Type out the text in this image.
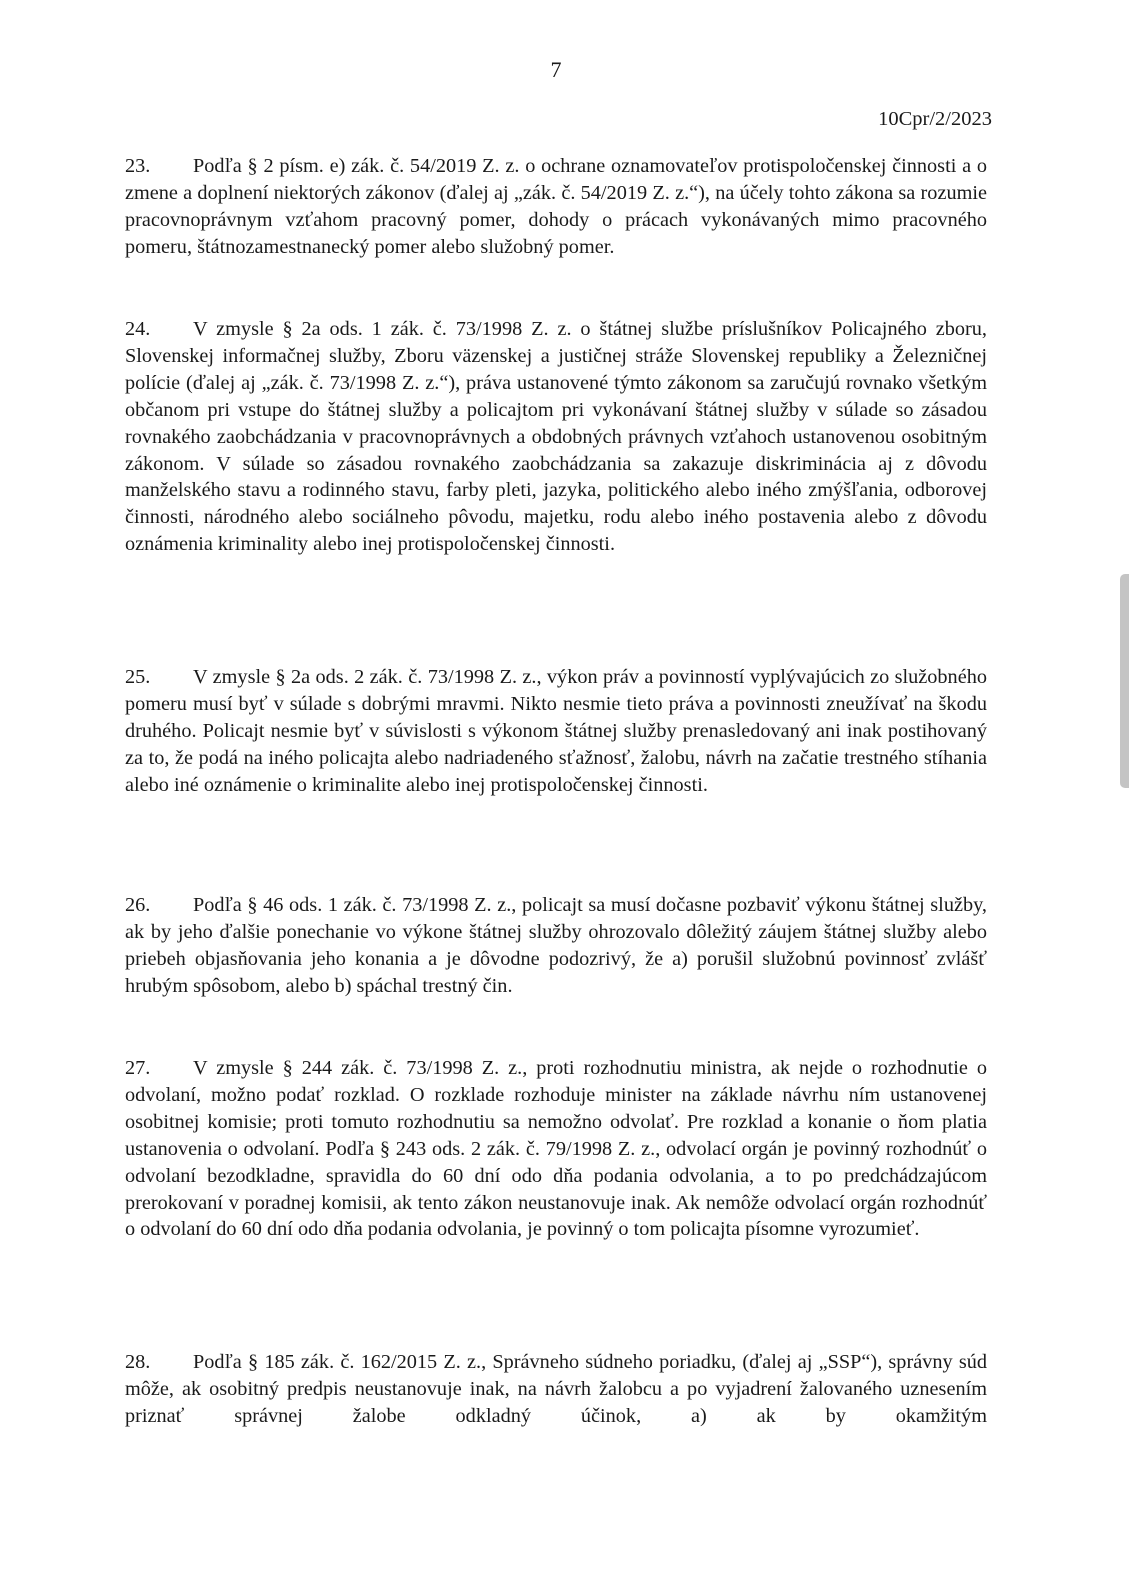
7
10Cpr/2/2023

23. Podľa § 2 písm. e) zák. č. 54/2019 Z. z. o ochrane oznamovateľov protispoločenskej činnosti a o zmene a doplnení niektorých zákonov (ďalej aj „zák. č. 54/2019 Z. z.“), na účely tohto zákona sa rozumie pracovnoprávnym vzťahom pracovný pomer, dohody o prácach vykonávaných mimo pracovného pomeru, štátnozamestnanecký pomer alebo služobný pomer.

24. V zmysle § 2a ods. 1 zák. č. 73/1998 Z. z. o štátnej službe príslušníkov Policajného zboru, Slovenskej informačnej služby, Zboru väzenskej a justičnej stráže Slovenskej republiky a Železničnej polície (ďalej aj „zák. č. 73/1998 Z. z.“), práva ustanovené týmto zákonom sa zaručujú rovnako všetkým občanom pri vstupe do štátnej služby a policajtom pri vykonávaní štátnej služby v súlade so zásadou rovnakého zaobchádzania v pracovnoprávnych a obdobných právnych vzťahoch ustanovenou osobitným zákonom. V súlade so zásadou rovnakého zaobchádzania sa zakazuje diskriminácia aj z dôvodu manželského stavu a rodinného stavu, farby pleti, jazyka, politického alebo iného zmýšľania, odborovej činnosti, národného alebo sociálneho pôvodu, majetku, rodu alebo iného postavenia alebo z dôvodu oznámenia kriminality alebo inej protispoločenskej činnosti.

25. V zmysle § 2a ods. 2 zák. č. 73/1998 Z. z., výkon práv a povinností vyplývajúcich zo služobného pomeru musí byť v súlade s dobrými mravmi. Nikto nesmie tieto práva a povinnosti zneužívať na škodu druhého. Policajt nesmie byť v súvislosti s výkonom štátnej služby prenasledovaný ani inak postihovaný za to, že podá na iného policajta alebo nadriadeného sťažnosť, žalobu, návrh na začatie trestného stíhania alebo iné oznámenie o kriminalite alebo inej protispoločenskej činnosti.

26. Podľa § 46 ods. 1 zák. č. 73/1998 Z. z., policajt sa musí dočasne pozbaviť výkonu štátnej služby, ak by jeho ďalšie ponechanie vo výkone štátnej služby ohrozovalo dôležitý záujem štátnej služby alebo priebeh objasňovania jeho konania a je dôvodne podozrivý, že a) porušil služobnú povinnosť zvlášť hrubým spôsobom, alebo b) spáchal trestný čin.

27. V zmysle § 244 zák. č. 73/1998 Z. z., proti rozhodnutiu ministra, ak nejde o rozhodnutie o odvolaní, možno podať rozklad. O rozklade rozhoduje minister na základe návrhu ním ustanovenej osobitnej komisie; proti tomuto rozhodnutiu sa nemožno odvolať. Pre rozklad a konanie o ňom platia ustanovenia o odvolaní. Podľa § 243 ods. 2 zák. č. 79/1998 Z. z., odvolací orgán je povinný rozhodnúť o odvolaní bezodkladne, spravidla do 60 dní odo dňa podania odvolania, a to po predchádzajúcom prerokovaní v poradnej komisii, ak tento zákon neustanovuje inak. Ak nemôže odvolací orgán rozhodnúť o odvolaní do 60 dní odo dňa podania odvolania, je povinný o tom policajta písomne vyrozumieť.

28. Podľa § 185 zák. č. 162/2015 Z. z., Správneho súdneho poriadku, (ďalej aj „SSP“), správny súd môže, ak osobitný predpis neustanovuje inak, na návrh žalobcu a po vyjadrení žalovaného uznesením priznať správnej žalobe odkladný účinok, a) ak by okamžitým
